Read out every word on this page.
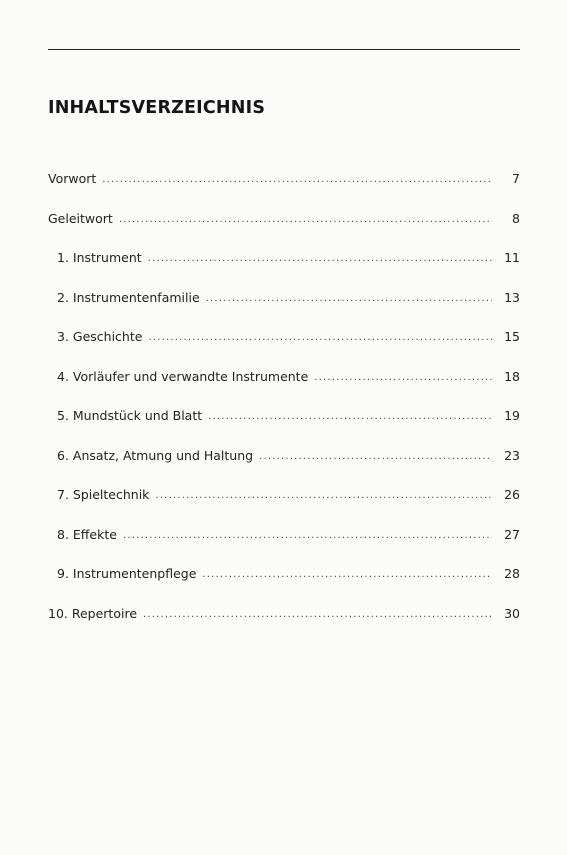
INHALTSVERZEICHNIS
Vorwort .....	7
Geleitwort .....	8
1. Instrument .....	11
2. Instrumentenfamilie .....	13
3. Geschichte .....	15
4. Vorläufer und verwandte Instrumente .....	18
5. Mundstück und Blatt .....	19
6. Ansatz, Atmung und Haltung .....	23
7. Spieltechnik .....	26
8. Effekte .....	27
9. Instrumentenpflege .....	28
10. Repertoire .....	30
